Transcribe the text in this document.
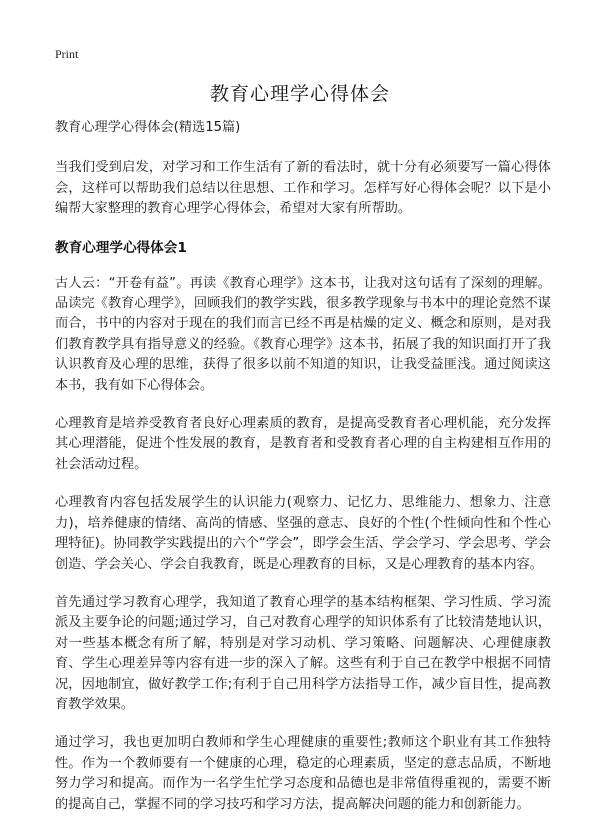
Print
教育心理学心得体会

教育心理学心得体会(精选15篇)

当我们受到启发，对学习和工作生活有了新的看法时，就十分有必须要写一篇心得体会，这样可以帮助我们总结以往思想、工作和学习。怎样写好心得体会呢？以下是小编帮大家整理的教育心理学心得体会，希望对大家有所帮助。

教育心理学心得体会1

古人云：“开卷有益”。再读《教育心理学》这本书，让我对这句话有了深刻的理解。品读完《教育心理学》，回顾我们的教学实践，很多教学现象与书本中的理论竟然不谋而合，书中的内容对于现在的我们而言已经不再是枯燥的定义、概念和原则，是对我们教育教学具有指导意义的经验。《教育心理学》这本书，拓展了我的知识面打开了我认识教育及心理的思维，获得了很多以前不知道的知识，让我受益匪浅。通过阅读这本书，我有如下心得体会。

心理教育是培养受教育者良好心理素质的教育，是提高受教育者心理机能，充分发挥其心理潜能，促进个性发展的教育，是教育者和受教育者心理的自主构建相互作用的社会活动过程。

心理教育内容包括发展学生的认识能力(观察力、记忆力、思维能力、想象力、注意力)，培养健康的情绪、高尚的情感、坚强的意志、良好的个性(个性倾向性和个性心理特征)。协同教学实践提出的六个“学会”，即学会生活、学会学习、学会思考、学会创造、学会关心、学会自我教育，既是心理教育的目标，又是心理教育的基本内容。

首先通过学习教育心理学，我知道了教育心理学的基本结构框架、学习性质、学习流派及主要争论的问题;通过学习，自己对教育心理学的知识体系有了比较清楚地认识，对一些基本概念有所了解，特别是对学习动机、学习策略、问题解决、心理健康教育、学生心理差异等内容有进一步的深入了解。这些有利于自己在教学中根据不同情况，因地制宜，做好教学工作;有利于自己用科学方法指导工作，减少盲目性，提高教育教学效果。

通过学习，我也更加明白教师和学生心理健康的重要性;教师这个职业有其工作独特性。作为一个教师要有一个健康的心理，稳定的心理素质，坚定的意志品质，不断地努力学习和提高。而作为一名学生忙学习态度和品德也是非常值得重视的，需要不断的提高自己，掌握不同的学习技巧和学习方法，提高解决问题的能力和创新能力。
